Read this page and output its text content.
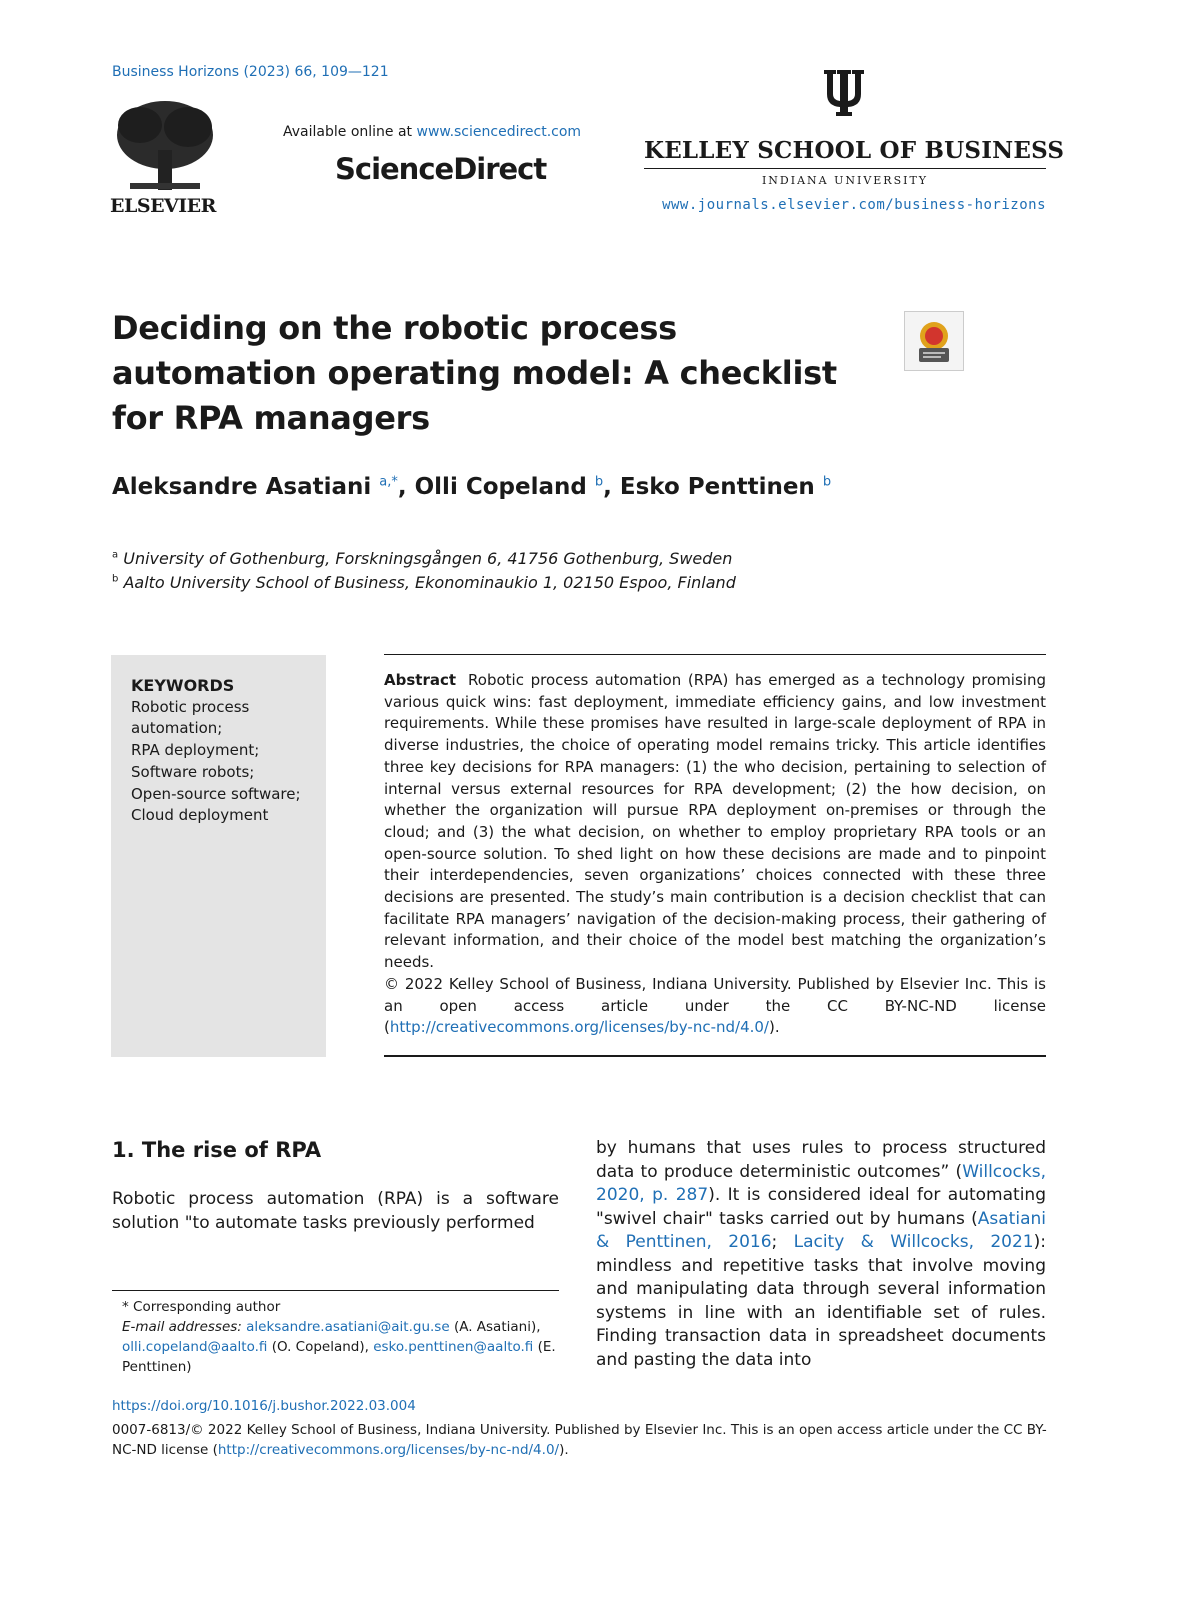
Business Horizons (2023) 66, 109—121
ELSEVIER
Available online at www.sciencedirect.com
ScienceDirect
KELLEY SCHOOL OF BUSINESS
INDIANA UNIVERSITY
www.journals.elsevier.com/business-horizons
Deciding on the robotic process automation operating model: A checklist for RPA managers
Aleksandre Asatiani $^{a,*}$, Olli Copeland $^b$, Esko Penttinen $^b$
$^a$ University of Gothenburg, Forskningsgången 6, 41756 Gothenburg, Sweden
$^b$ Aalto University School of Business, Ekonominaukio 1, 02150 Espoo, Finland
KEYWORDS
Robotic process automation;
RPA deployment;
Software robots;
Open-source software;
Cloud deployment
Abstract Robotic process automation (RPA) has emerged as a technology promising various quick wins: fast deployment, immediate efficiency gains, and low investment requirements. While these promises have resulted in large-scale deployment of RPA in diverse industries, the choice of operating model remains tricky. This article identifies three key decisions for RPA managers: (1) the who decision, pertaining to selection of internal versus external resources for RPA development; (2) the how decision, on whether the organization will pursue RPA deployment on-premises or through the cloud; and (3) the what decision, on whether to employ proprietary RPA tools or an open-source solution. To shed light on how these decisions are made and to pinpoint their interdependencies, seven organizations’ choices connected with these three decisions are presented. The study’s main contribution is a decision checklist that can facilitate RPA managers’ navigation of the decision-making process, their gathering of relevant information, and their choice of the model best matching the organization’s needs.
© 2022 Kelley School of Business, Indiana University. Published by Elsevier Inc. This is an open access article under the CC BY-NC-ND license (http://creativecommons.org/licenses/by-nc-nd/4.0/).
1. The rise of RPA
Robotic process automation (RPA) is a software solution "to automate tasks previously performed
by humans that uses rules to process structured data to produce deterministic outcomes” (Willcocks, 2020, p. 287). It is considered ideal for automating "swivel chair" tasks carried out by humans (Asatiani & Penttinen, 2016; Lacity & Willcocks, 2021): mindless and repetitive tasks that involve moving and manipulating data through several information systems in line with an identifiable set of rules. Finding transaction data in spreadsheet documents and pasting the data into
* Corresponding author
E-mail addresses: aleksandre.asatiani@ait.gu.se (A. Asatiani), olli.copeland@aalto.fi (O. Copeland), esko.penttinen@aalto.fi (E. Penttinen)
https://doi.org/10.1016/j.bushor.2022.03.004
0007-6813/© 2022 Kelley School of Business, Indiana University. Published by Elsevier Inc. This is an open access article under the CC BY-NC-ND license (http://creativecommons.org/licenses/by-nc-nd/4.0/).
